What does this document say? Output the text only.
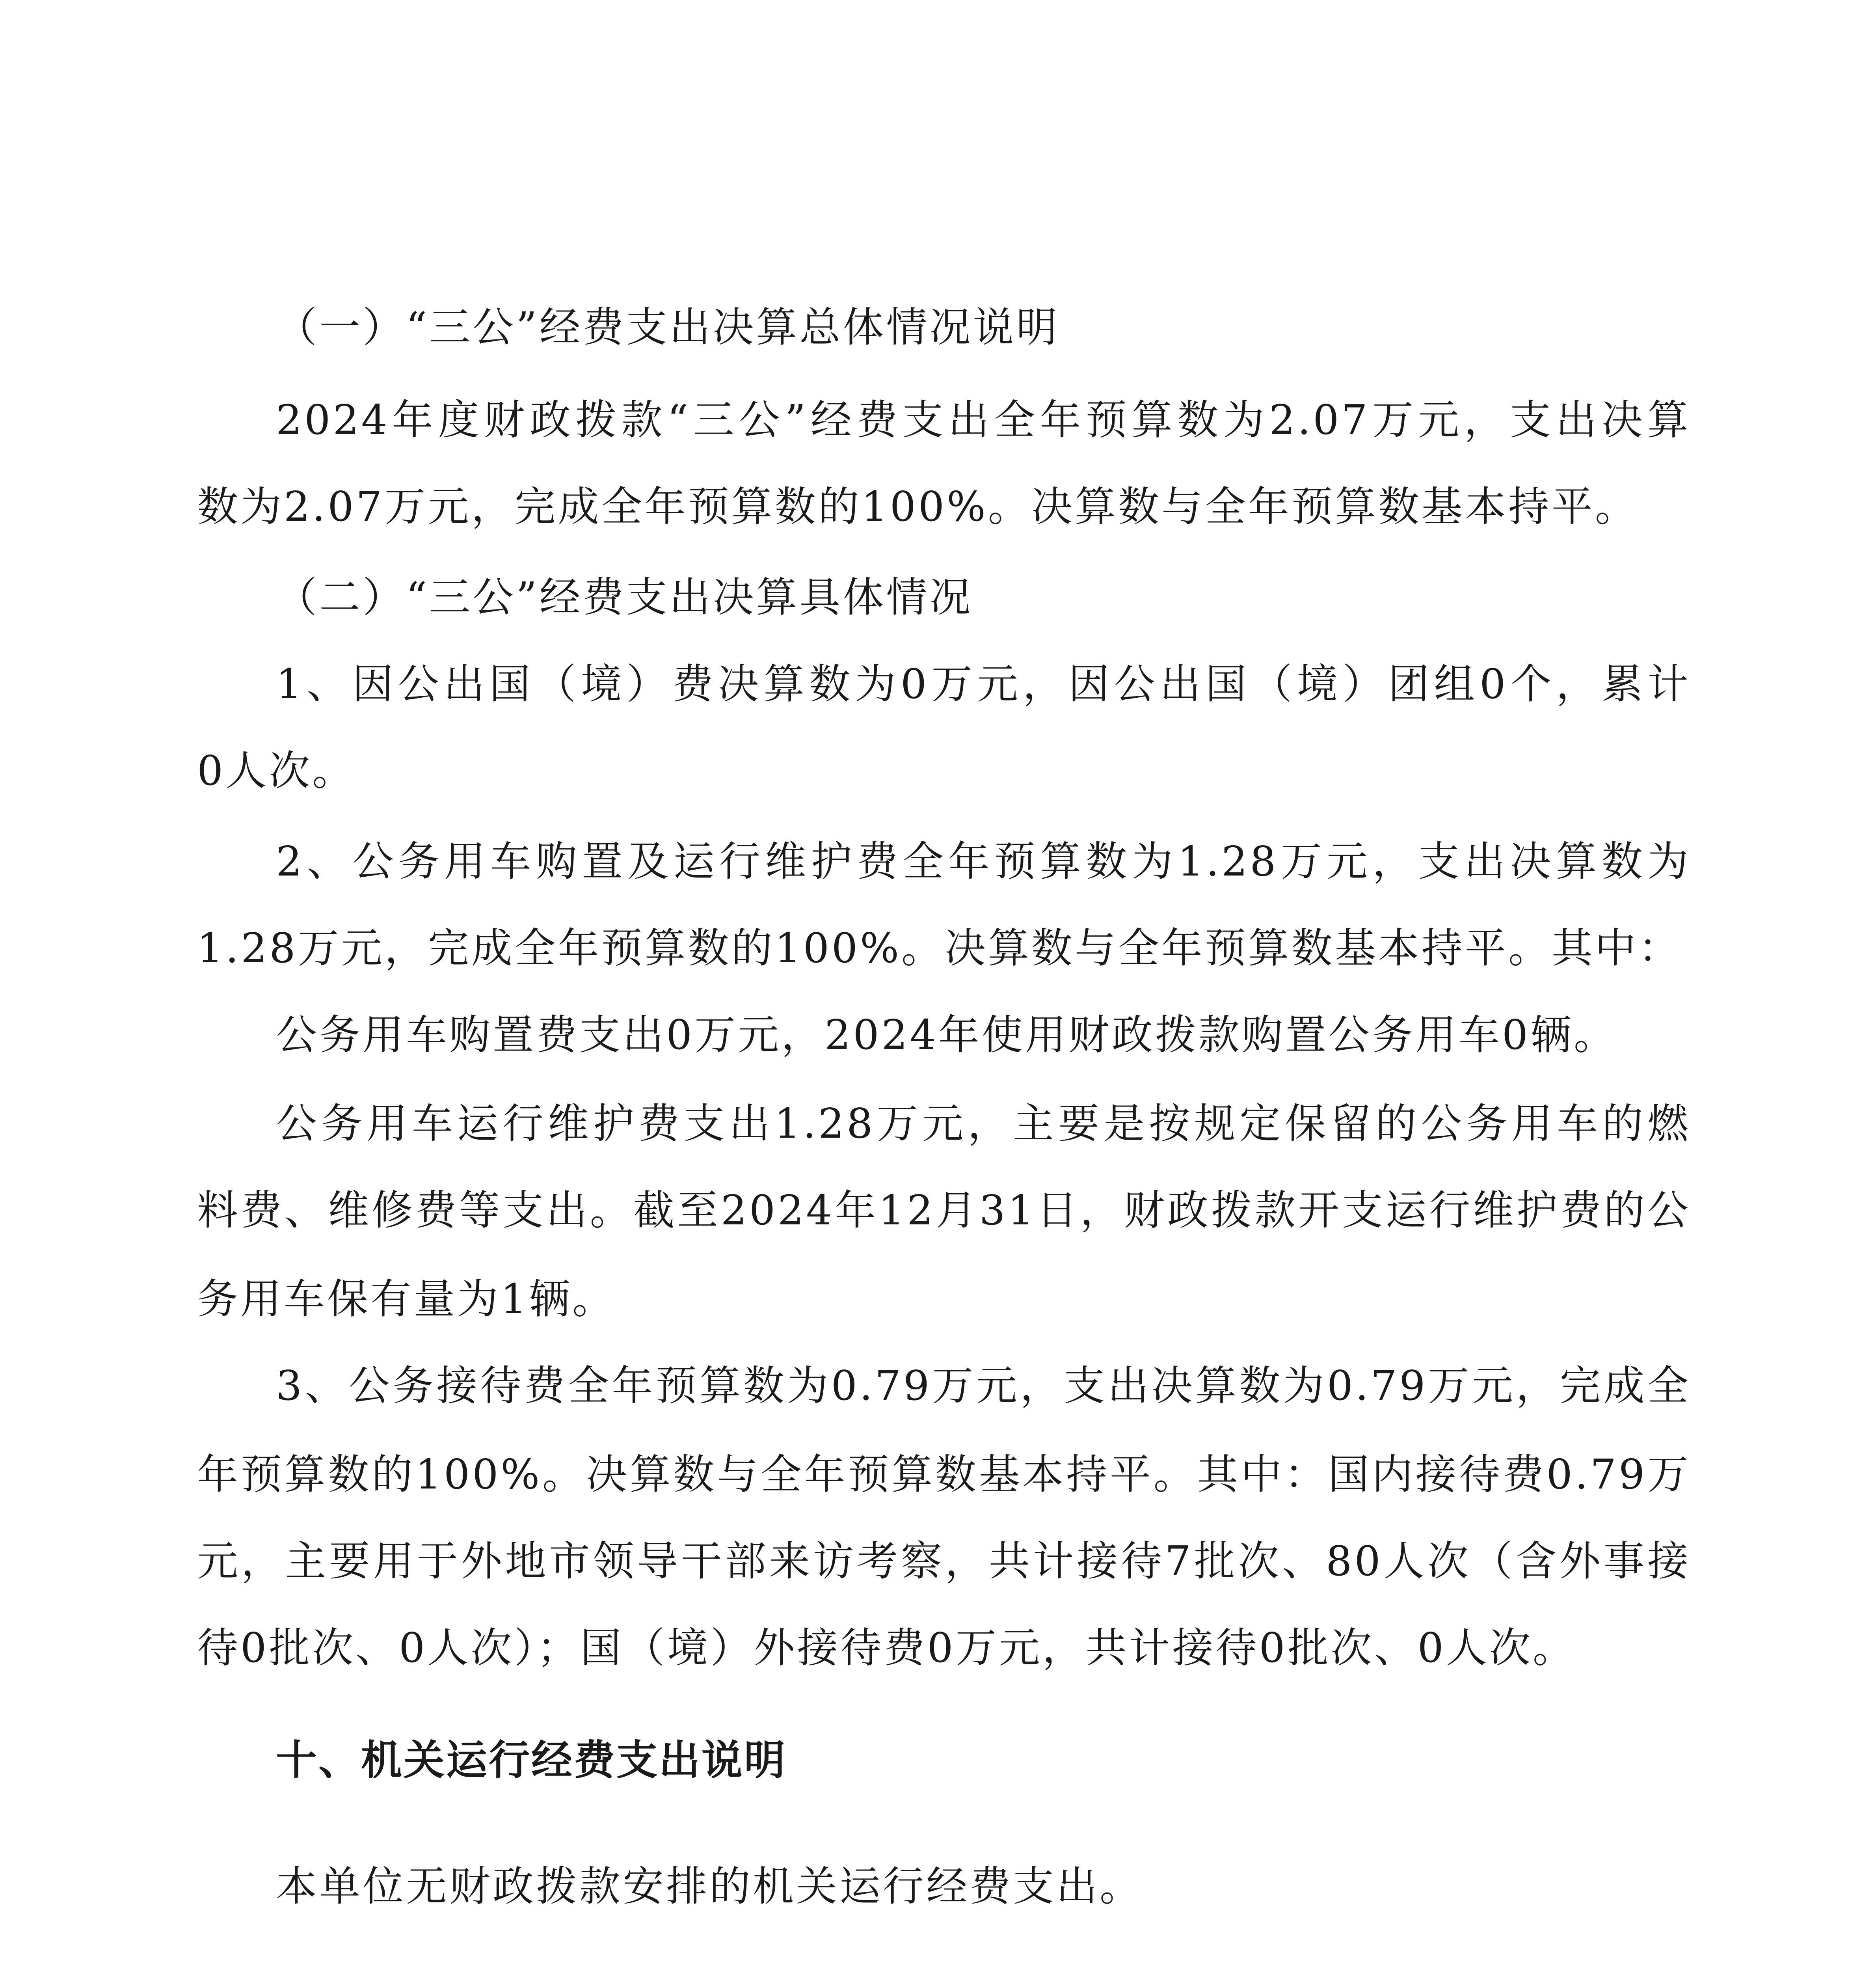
（一）“三公”经费支出决算总体情况说明
2024年度财政拨款“三公”经费支出全年预算数为2.07万元，支出决算
数为2.07万元，完成全年预算数的100%。决算数与全年预算数基本持平。
（二）“三公”经费支出决算具体情况
1、因公出国（境）费决算数为0万元，因公出国（境）团组0个，累计
0人次。
2、公务用车购置及运行维护费全年预算数为1.28万元，支出决算数为
1.28万元，完成全年预算数的100%。决算数与全年预算数基本持平。其中：
公务用车购置费支出0万元，2024年使用财政拨款购置公务用车0辆。
公务用车运行维护费支出1.28万元，主要是按规定保留的公务用车的燃
料费、维修费等支出。截至2024年12月31日，财政拨款开支运行维护费的公
务用车保有量为1辆。
3、公务接待费全年预算数为0.79万元，支出决算数为0.79万元，完成全
年预算数的100%。决算数与全年预算数基本持平。其中：国内接待费0.79万
元，主要用于外地市领导干部来访考察，共计接待7批次、80人次（含外事接
待0批次、0人次）；国（境）外接待费0万元，共计接待0批次、0人次。
十、机关运行经费支出说明
本单位无财政拨款安排的机关运行经费支出。
